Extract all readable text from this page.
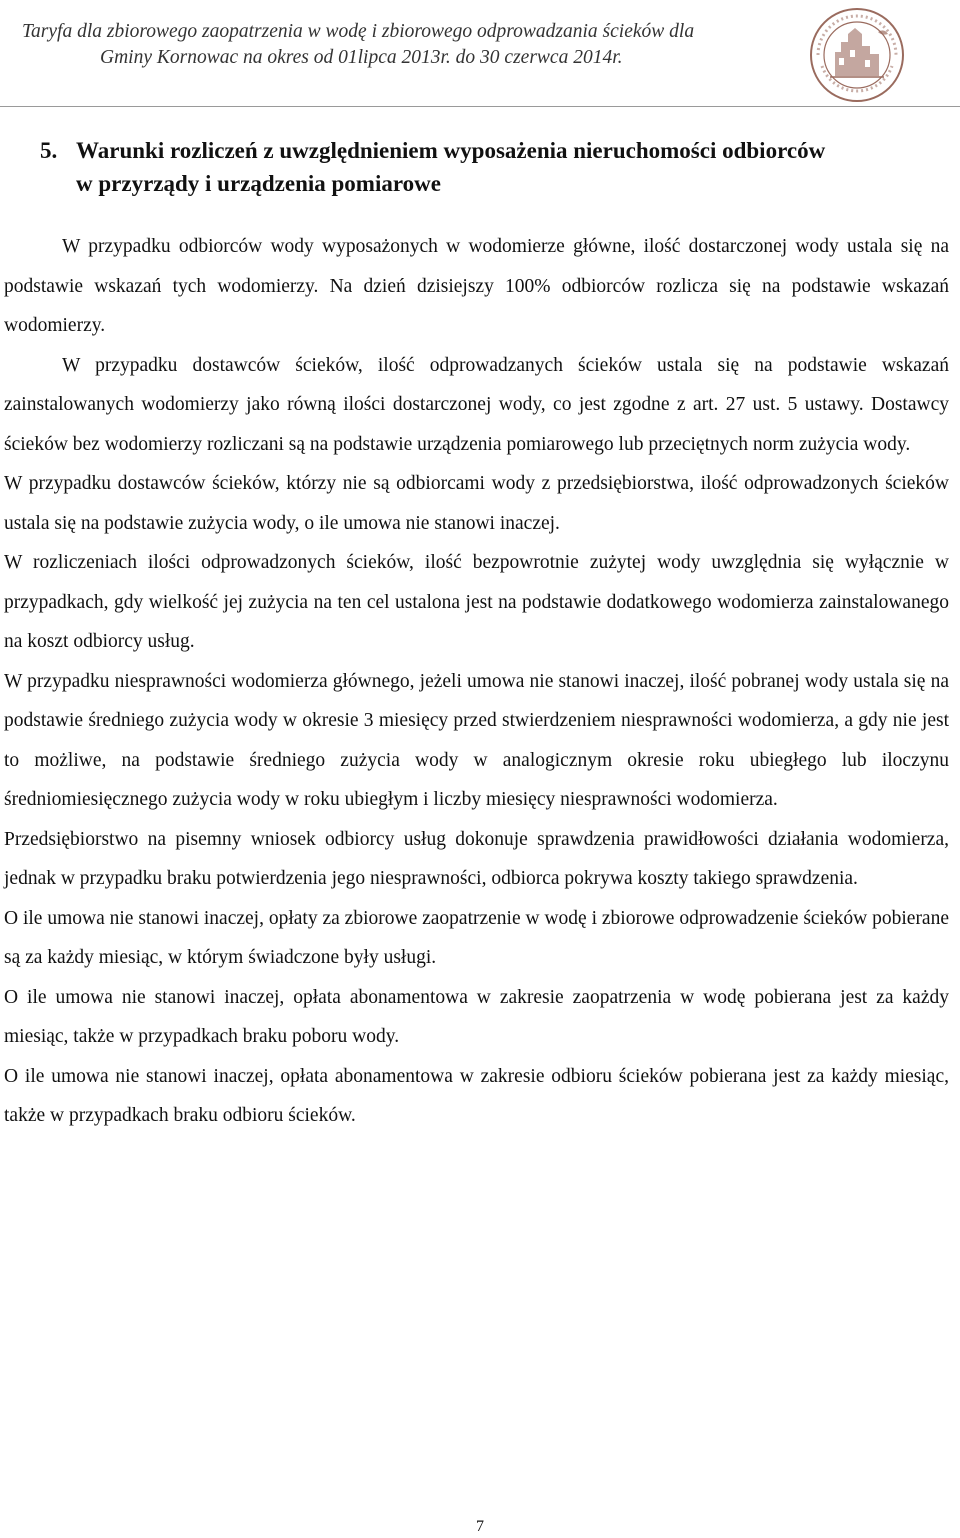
Taryfa dla zbiorowego zaopatrzenia w wodę i zbiorowego odprowadzania ścieków dla
Gminy Kornowac na okres od 01lipca 2013r. do 30 czerwca 2014r.
5. Warunki rozliczeń z uwzględnieniem wyposażenia nieruchomości odbiorców
w przyrządy i urządzenia pomiarowe

W przypadku odbiorców wody wyposażonych w wodomierze główne, ilość dostarczonej wody ustala się na podstawie wskazań tych wodomierzy. Na dzień dzisiejszy 100% odbiorców rozlicza się na podstawie wskazań wodomierzy.

W przypadku dostawców ścieków, ilość odprowadzanych ścieków ustala się na podstawie wskazań zainstalowanych wodomierzy jako równą ilości dostarczonej wody, co jest zgodne z art. 27 ust. 5 ustawy. Dostawcy ścieków bez wodomierzy rozliczani są na podstawie urządzenia pomiarowego lub przeciętnych norm zużycia wody.

W przypadku dostawców ścieków, którzy nie są odbiorcami wody z przedsiębiorstwa, ilość odprowadzonych ścieków ustala się na podstawie zużycia wody, o ile umowa nie stanowi inaczej.

W rozliczeniach ilości odprowadzonych ścieków, ilość bezpowrotnie zużytej wody uwzględnia się wyłącznie w przypadkach, gdy wielkość jej zużycia na ten cel ustalona jest na podstawie dodatkowego wodomierza zainstalowanego na koszt odbiorcy usług.

W przypadku niesprawności wodomierza głównego, jeżeli umowa nie stanowi inaczej, ilość pobranej wody ustala się na podstawie średniego zużycia wody w okresie 3 miesięcy przed stwierdzeniem niesprawności wodomierza, a gdy nie jest to możliwe, na podstawie średniego zużycia wody w analogicznym okresie roku ubiegłego lub iloczynu średniomiesięcznego zużycia wody w roku ubiegłym i liczby miesięcy niesprawności wodomierza.

Przedsiębiorstwo na pisemny wniosek odbiorcy usług dokonuje sprawdzenia prawidłowości działania wodomierza, jednak w przypadku braku potwierdzenia jego niesprawności, odbiorca pokrywa koszty takiego sprawdzenia.

O ile umowa nie stanowi inaczej, opłaty za zbiorowe zaopatrzenie w wodę i zbiorowe odprowadzenie ścieków pobierane są za każdy miesiąc, w którym świadczone były usługi.

O ile umowa nie stanowi inaczej, opłata abonamentowa w zakresie zaopatrzenia w wodę pobierana jest za każdy miesiąc, także w przypadkach braku poboru wody.

O ile umowa nie stanowi inaczej, opłata abonamentowa w zakresie odbioru ścieków pobierana jest za każdy miesiąc, także w przypadkach braku odbioru ścieków.

7
